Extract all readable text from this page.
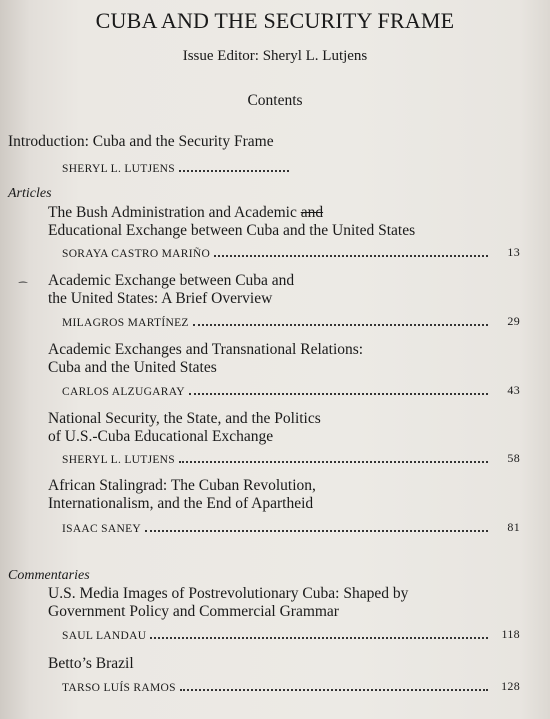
CUBA AND THE SECURITY FRAME
Issue Editor: Sheryl L. Lutjens
Contents
Introduction: Cuba and the Security Frame
SHERYL L. LUTJENS
Articles
The Bush Administration and Academic and
Educational Exchange between Cuba and the United States
SORAYA CASTRO MARIÑO	13
⁀ Academic Exchange between Cuba and
the United States: A Brief Overview
MILAGROS MARTÍNEZ	29
Academic Exchanges and Transnational Relations:
Cuba and the United States
CARLOS ALZUGARAY	43
National Security, the State, and the Politics
of U.S.-Cuba Educational Exchange
SHERYL L. LUTJENS	58
African Stalingrad: The Cuban Revolution,
Internationalism, and the End of Apartheid
ISAAC SANEY	81
Commentaries
U.S. Media Images of Postrevolutionary Cuba: Shaped by
Government Policy and Commercial Grammar
SAUL LANDAU	118
Betto’s Brazil
TARSO LUÍS RAMOS	128
